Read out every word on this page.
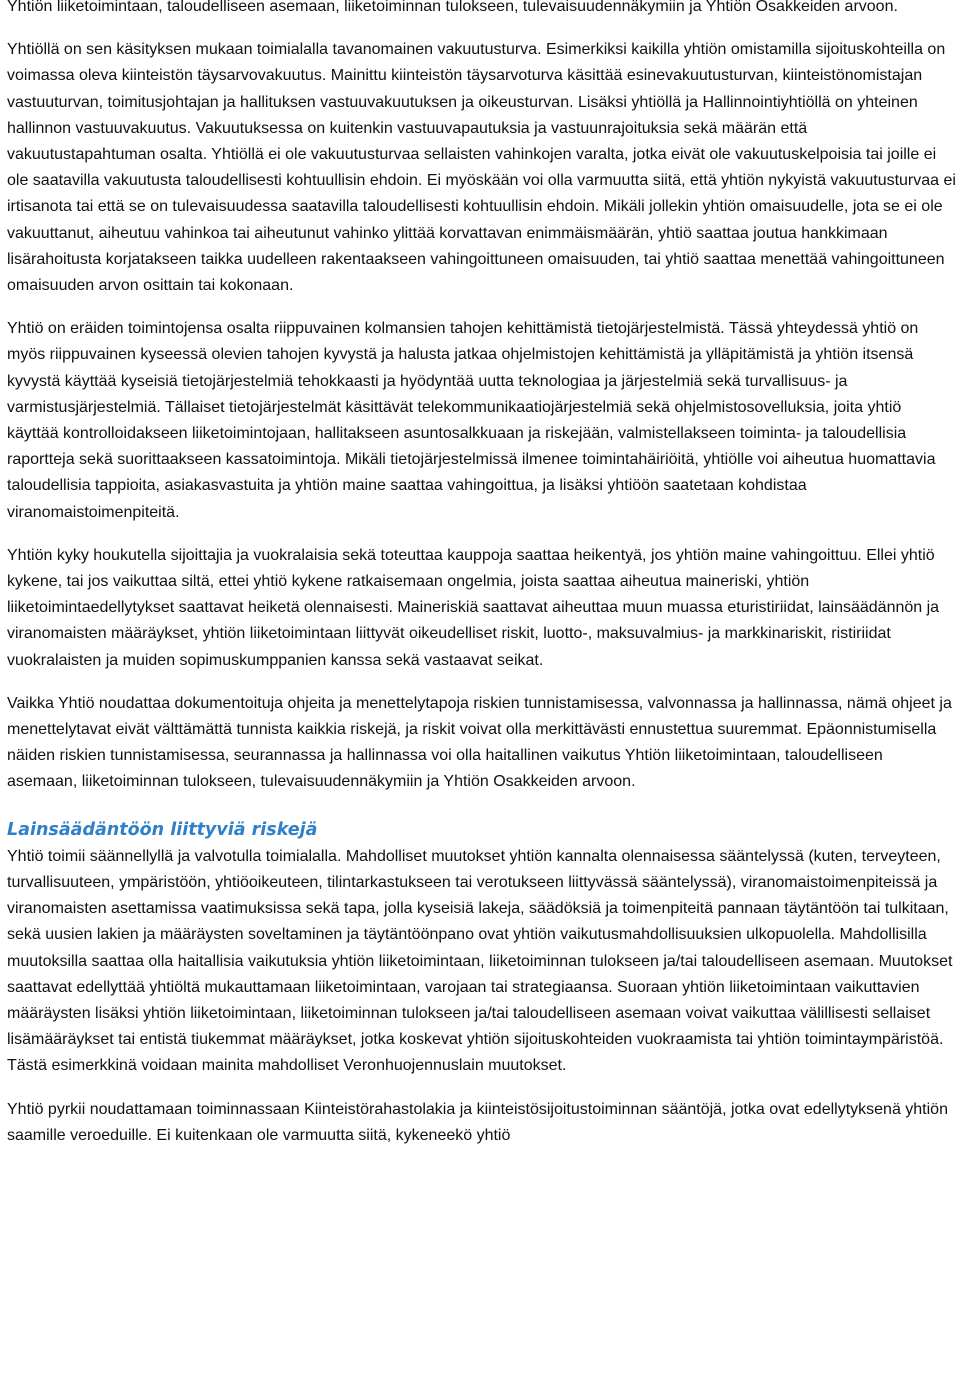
Yhtiön liiketoimintaan, taloudelliseen asemaan, liiketoiminnan tulokseen, tulevaisuudennäkymiin ja Yhtiön Osakkeiden arvoon.

Yhtiöllä on sen käsityksen mukaan toimialalla tavanomainen vakuutusturva. Esimerkiksi kaikilla yhtiön omistamilla sijoituskohteilla on voimassa oleva kiinteistön täysarvovakuutus. Mainittu kiinteistön täysarvoturva käsittää esinevakuutusturvan, kiinteistönomistajan vastuuturvan, toimitusjohtajan ja hallituksen vastuuvakuutuksen ja oikeusturvan. Lisäksi yhtiöllä ja Hallinnointiyhtiöllä on yhteinen hallinnon vastuuvakuutus. Vakuutuksessa on kuitenkin vastuuvapautuksia ja vastuunrajoituksia sekä määrän että vakuutustapahtuman osalta. Yhtiöllä ei ole vakuutusturvaa sellaisten vahinkojen varalta, jotka eivät ole vakuutuskelpoisia tai joille ei ole saatavilla vakuutusta taloudellisesti kohtuullisin ehdoin. Ei myöskään voi olla varmuutta siitä, että yhtiön nykyistä vakuutusturvaa ei irtisanota tai että se on tulevaisuudessa saatavilla taloudellisesti kohtuullisin ehdoin. Mikäli jollekin yhtiön omaisuudelle, jota se ei ole vakuuttanut, aiheutuu vahinkoa tai aiheutunut vahinko ylittää korvattavan enimmäismäärän, yhtiö saattaa joutua hankkimaan lisärahoitusta korjatakseen taikka uudelleen rakentaakseen vahingoittuneen omaisuuden, tai yhtiö saattaa menettää vahingoittuneen omaisuuden arvon osittain tai kokonaan.

Yhtiö on eräiden toimintojensa osalta riippuvainen kolmansien tahojen kehittämistä tietojärjestelmistä. Tässä yhteydessä yhtiö on myös riippuvainen kyseessä olevien tahojen kyvystä ja halusta jatkaa ohjelmistojen kehittämistä ja ylläpitämistä ja yhtiön itsensä kyvystä käyttää kyseisiä tietojärjestelmiä tehokkaasti ja hyödyntää uutta teknologiaa ja järjestelmiä sekä turvallisuus- ja varmistusjärjestelmiä. Tällaiset tietojärjestelmät käsittävät telekommunikaatiojärjestelmiä sekä ohjelmistosovelluksia, joita yhtiö käyttää kontrolloidakseen liiketoimintojaan, hallitakseen asuntosalkkuaan ja riskejään, valmistellakseen toiminta- ja taloudellisia raportteja sekä suorittaakseen kassatoimintoja. Mikäli tietojärjestelmissä ilmenee toimintahäiriöitä, yhtiölle voi aiheutua huomattavia taloudellisia tappioita, asiakasvastuita ja yhtiön maine saattaa vahingoittua, ja lisäksi yhtiöön saatetaan kohdistaa viranomaistoimenpiteitä.

Yhtiön kyky houkutella sijoittajia ja vuokralaisia sekä toteuttaa kauppoja saattaa heikentyä, jos yhtiön maine vahingoittuu. Ellei yhtiö kykene, tai jos vaikuttaa siltä, ettei yhtiö kykene ratkaisemaan ongelmia, joista saattaa aiheutua maineriski, yhtiön liiketoimintaedellytykset saattavat heiketä olennaisesti. Maineriskiä saattavat aiheuttaa muun muassa eturistiriidat, lainsäädännön ja viranomaisten määräykset, yhtiön liiketoimintaan liittyvät oikeudelliset riskit, luotto-, maksuvalmius- ja markkinariskit, ristiriidat vuokralaisten ja muiden sopimuskumppanien kanssa sekä vastaavat seikat.

Vaikka Yhtiö noudattaa dokumentoituja ohjeita ja menettelytapoja riskien tunnistamisessa, valvonnassa ja hallinnassa, nämä ohjeet ja menettelytavat eivät välttämättä tunnista kaikkia riskejä, ja riskit voivat olla merkittävästi ennustettua suuremmat. Epäonnistumisella näiden riskien tunnistamisessa, seurannassa ja hallinnassa voi olla haitallinen vaikutus Yhtiön liiketoimintaan, taloudelliseen asemaan, liiketoiminnan tulokseen, tulevaisuudennäkymiin ja Yhtiön Osakkeiden arvoon.

Lainsäädäntöön liittyviä riskejä

Yhtiö toimii säännellyllä ja valvotulla toimialalla. Mahdolliset muutokset yhtiön kannalta olennaisessa sääntelyssä (kuten, terveyteen, turvallisuuteen, ympäristöön, yhtiöoikeuteen, tilintarkastukseen tai verotukseen liittyvässä sääntelyssä), viranomaistoimenpiteissä ja viranomaisten asettamissa vaatimuksissa sekä tapa, jolla kyseisiä lakeja, säädöksiä ja toimenpiteitä pannaan täytäntöön tai tulkitaan, sekä uusien lakien ja määräysten soveltaminen ja täytäntöönpano ovat yhtiön vaikutusmahdollisuuksien ulkopuolella. Mahdollisilla muutoksilla saattaa olla haitallisia vaikutuksia yhtiön liiketoimintaan, liiketoiminnan tulokseen ja/tai taloudelliseen asemaan. Muutokset saattavat edellyttää yhtiöltä mukauttamaan liiketoimintaan, varojaan tai strategiaansa. Suoraan yhtiön liiketoimintaan vaikuttavien määräysten lisäksi yhtiön liiketoimintaan, liiketoiminnan tulokseen ja/tai taloudelliseen asemaan voivat vaikuttaa välillisesti sellaiset lisämääräykset tai entistä tiukemmat määräykset, jotka koskevat yhtiön sijoituskohteiden vuokraamista tai yhtiön toimintaympäristöä. Tästä esimerkkinä voidaan mainita mahdolliset Veronhuojennuslain muutokset.

Yhtiö pyrkii noudattamaan toiminnassaan Kiinteistörahastolakia ja kiinteistösijoitustoiminnan sääntöjä, jotka ovat edellytyksenä yhtiön saamille veroeduille. Ei kuitenkaan ole varmuutta siitä, kykeneekö yhtiö
